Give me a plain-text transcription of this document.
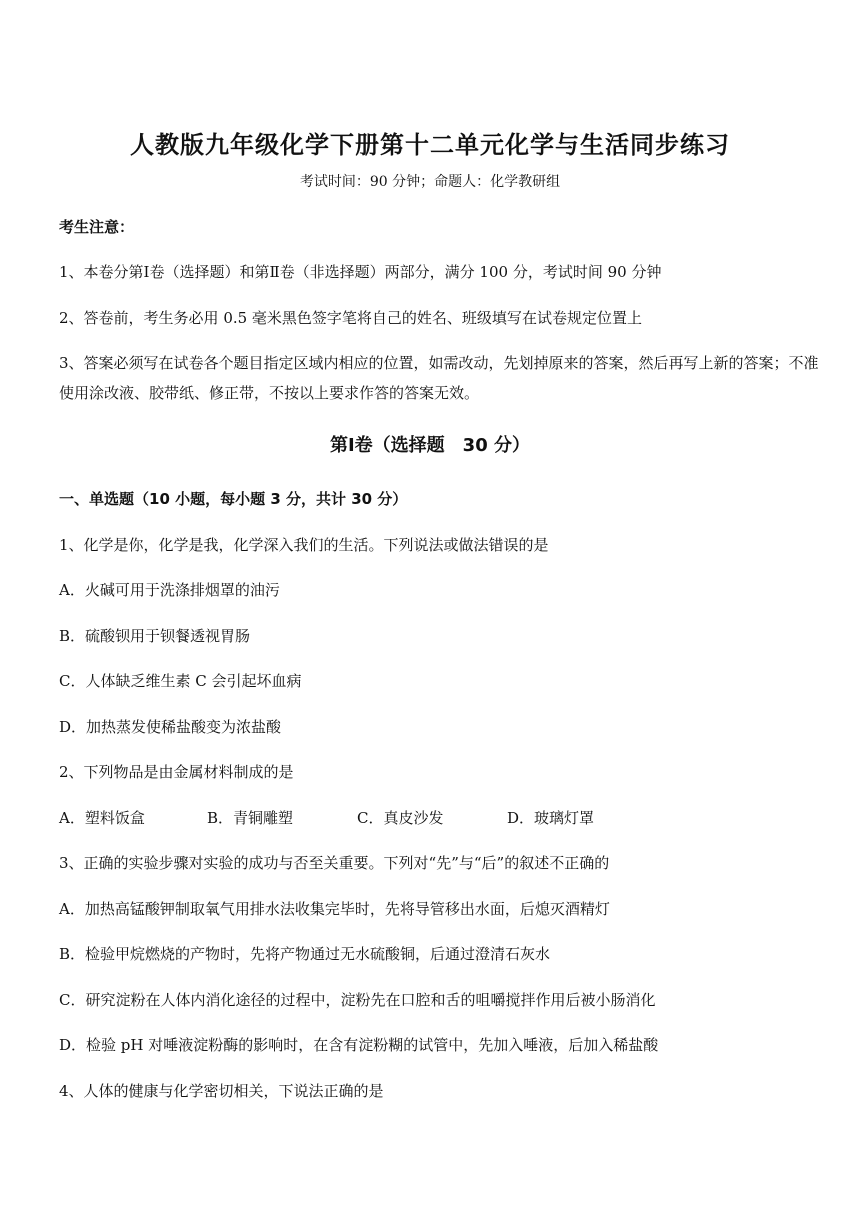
人教版九年级化学下册第十二单元化学与生活同步练习
考试时间：90 分钟；命题人：化学教研组
考生注意：
1、本卷分第Ⅰ卷（选择题）和第Ⅱ卷（非选择题）两部分，满分 100 分，考试时间 90 分钟
2、答卷前，考生务必用 0.5 毫米黑色签字笔将自己的姓名、班级填写在试卷规定位置上
3、答案必须写在试卷各个题目指定区域内相应的位置，如需改动，先划掉原来的答案，然后再写上新的答案；不准使用涂改液、胶带纸、修正带，不按以上要求作答的答案无效。
第Ⅰ卷（选择题　30 分）
一、单选题（10 小题，每小题 3 分，共计 30 分）
1、化学是你，化学是我，化学深入我们的生活。下列说法或做法错误的是
A．火碱可用于洗涤排烟罩的油污
B．硫酸钡用于钡餐透视胃肠
C．人体缺乏维生素 C 会引起坏血病
D．加热蒸发使稀盐酸变为浓盐酸
2、下列物品是由金属材料制成的是
A．塑料饭盒	B．青铜雕塑	C．真皮沙发	D．玻璃灯罩
3、正确的实验步骤对实验的成功与否至关重要。下列对“先”与“后”的叙述不正确的
A．加热高锰酸钾制取氧气用排水法收集完毕时，先将导管移出水面，后熄灭酒精灯
B．检验甲烷燃烧的产物时，先将产物通过无水硫酸铜，后通过澄清石灰水
C．研究淀粉在人体内消化途径的过程中，淀粉先在口腔和舌的咀嚼搅拌作用后被小肠消化
D．检验 pH 对唾液淀粉酶的影响时，在含有淀粉糊的试管中，先加入唾液，后加入稀盐酸
4、人体的健康与化学密切相关，下说法正确的是
